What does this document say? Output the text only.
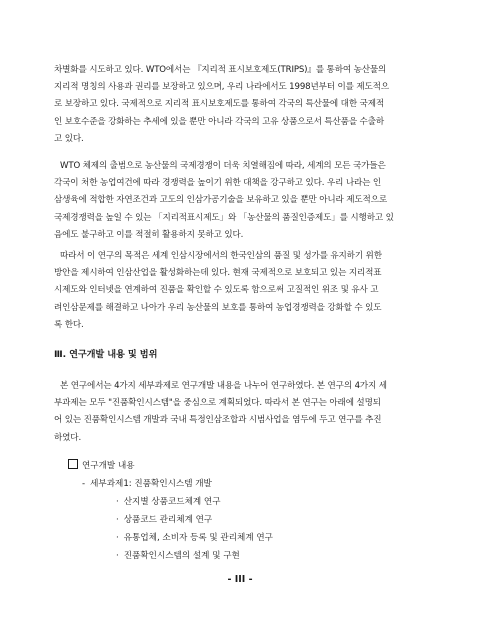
차별화를 시도하고 있다. WTO에서는 『지리적 표시보호제도(TRIPS)』를 통하여 농산물의
지리적 명칭의 사용과 권리를 보장하고 있으며, 우리 나라에서도 1998년부터 이를 제도적으
로 보장하고 있다. 국제적으로 지리적 표시보호제도를 통하여 각국의 특산물에 대한 국제적
인 보호수준을 강화하는 추세에 있을 뿐만 아니라 각국의 고유 상품으로서 특산품을 수출하
고 있다.
WTO 체제의 출범으로 농산물의 국제경쟁이 더욱 치열해짐에 따라, 세계의 모든 국가들은
각국이 처한 농업여건에 따라 경쟁력을 높이기 위한 대책을 강구하고 있다. 우리 나라는 인
삼생육에 적합한 자연조건과 고도의 인삼가공기술을 보유하고 있을 뿐만 아니라 제도적으로
국제경쟁력을 높일 수 있는 「지리적표시제도」와 「농산물의 품질인증제도」를 시행하고 있
음에도 불구하고 이를 적절히 활용하지 못하고 있다.
따라서 이 연구의 목적은 세계 인삼시장에서의 한국인삼의 품질 및 성가를 유지하기 위한
방안을 제시하여 인삼산업을 활성화하는데 있다. 현재 국제적으로 보호되고 있는 지리적표
시제도와 인터넷을 연계하여 진품을 확인할 수 있도록 함으로써 고질적인 위조 및 유사 고
려인삼문제를 해결하고 나아가 우리 농산물의 보호를 통하여 농업경쟁력을 강화할 수 있도
록 한다.
Ⅲ. 연구개발 내용 및 범위
본 연구에서는 4가지 세부과제로 연구개발 내용을 나누어 연구하였다. 본 연구의 4가지 세
부과제는 모두 "진품확인시스템"을 중심으로 계획되었다. 따라서 본 연구는 아래에 설명되
어 있는 진품확인시스템 개발과 국내 특정인삼조합과 시범사업을 염두에 두고 연구를 추진
하였다.
연구개발 내용
- 세부과제1: 진품확인시스템 개발
· 산지별 상품코드체계 연구
· 상품코드 관리체계 연구
· 유통업체, 소비자 등록 및 관리체계 연구
· 진품확인시스템의 설계 및 구현
- III -
